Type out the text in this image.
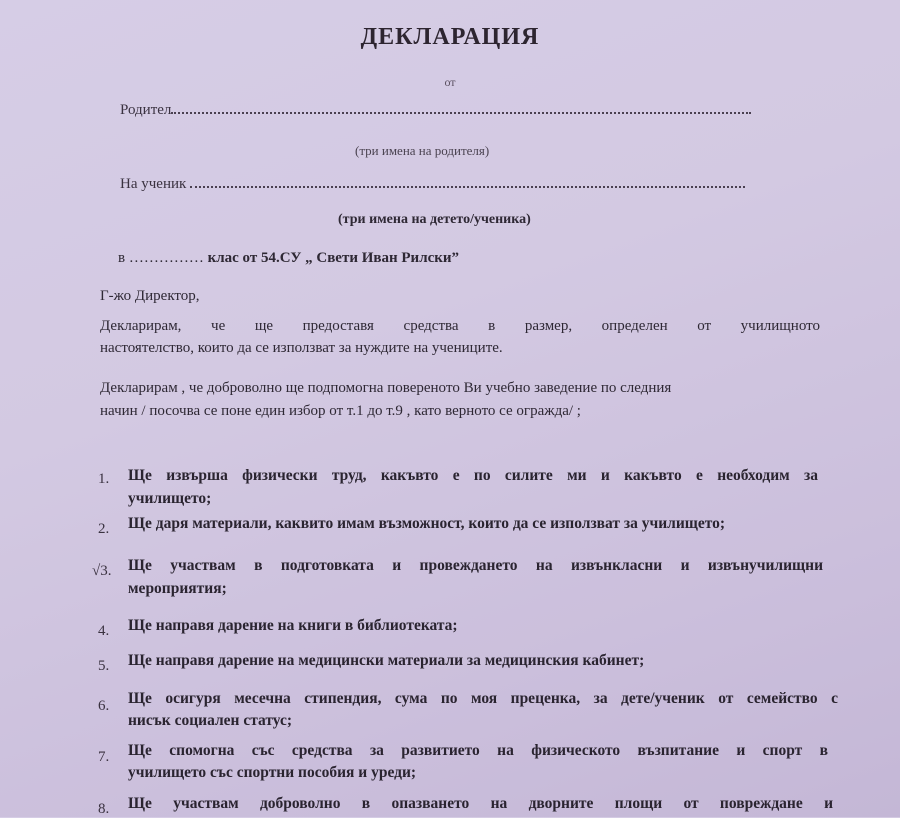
ДЕКЛАРАЦИЯ
от
Родител
(три имена на родителя)
На ученик
(три имена на детето/ученика)
в …………… клас от 54.СУ „ Свети Иван Рилски”
Г-жо Директор,
Декларирам, че ще предоставя средства в размер, определен от училищното
настоятелство, които да се използват за нуждите на учениците.
Декларирам , че доброволно ще подпомогна поверенoто Ви учебно заведение по следния
начин / посочва се поне един избор от т.1 до т.9 , като верното се огражда/ ;
1. Ще извърша физически труд, какъвто е по силите ми и какъвто е необходим за
училището;
2. Ще даря материали, каквито имам възможност, които да се използват за училището;
√3. Ще участвам в подготовката и провеждането на извънкласни и извънучилищни
мероприятия;
4. Ще направя дарение на книги в библиотеката;
5. Ще направя дарение на медицински материали за медицинския кабинет;
6. Ще осигуря месечна стипендия, сума по моя преценка, за дете/ученик от семейство с
нисък социален статус;
7. Ще спомогна със средства за развитието на физическото възпитание и спорт в
училището със спортни пособия и уреди;
8. Ще участвам доброволно в опазването на дворните площи от повреждане и
